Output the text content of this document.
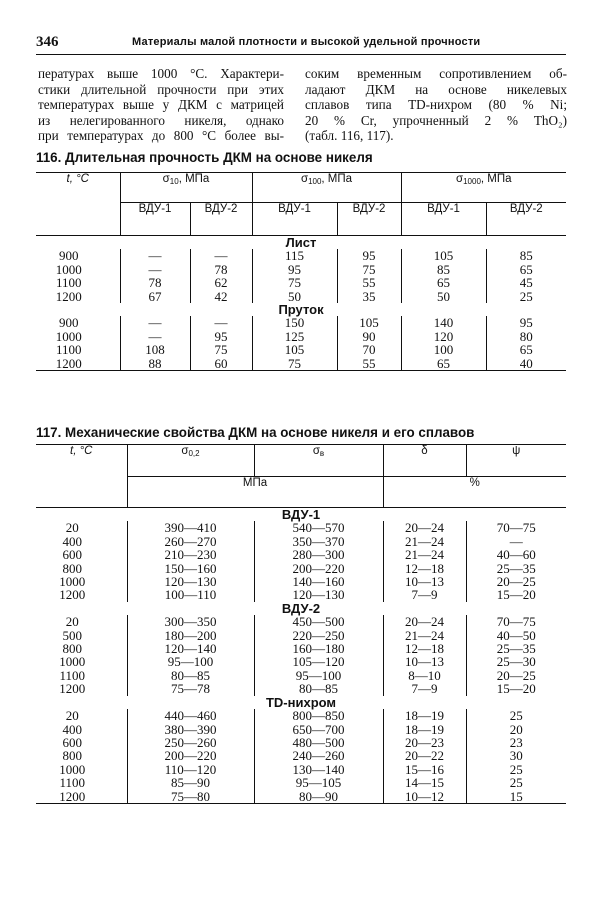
346	Материалы малой плотности и высокой удельной прочности
пературах выше 1000 °С. Характери-
стики длительной прочности при этих
температурах выше у ДКМ с матрицей
из нелегированного никеля, однако
при температурах до 800 °С более вы-
соким временным сопротивлением об-
ладают ДКМ на основе никелевых
сплавов типа TD-нихром (80 % Ni;
20 % Cr, упрочненный 2 % ThO₂)
(табл. 116, 117).
116. Длительная прочность ДКМ на основе никеля
t, °С	$\sigma_{10}$, МПа		$\sigma_{100}$, МПа		$\sigma_{1000}$, МПа	
	ВДУ-1	ВДУ-2	ВДУ-1	ВДУ-2	ВДУ-1	ВДУ-2
Лист						
900	—	—	115	95	105	85
1000	—	78	95	75	85	65
1100	78	62	75	55	65	45
1200	67	42	50	35	50	25
Пруток						
900	—	—	150	105	140	95
1000	—	95	125	90	120	80
1100	108	75	105	70	100	65
1200	88	60	75	55	65	40
117. Механические свойства ДКМ на основе никеля и его сплавов
t, °С	$\sigma_{0,2}$	$\sigma_в$	δ	ψ
	МПа		%	
ВДУ-1				
20	390—410	540—570	20—24	70—75
400	260—270	350—370	21—24	—
600	210—230	280—300	21—24	40—60
800	150—160	200—220	12—18	25—35
1000	120—130	140—160	10—13	20—25
1200	100—110	120—130	7—9	15—20
ВДУ-2				
20	300—350	450—500	20—24	70—75
500	180—200	220—250	21—24	40—50
800	120—140	160—180	12—18	25—35
1000	95—100	105—120	10—13	25—30
1100	80—85	95—100	8—10	20—25
1200	75—78	80—85	7—9	15—20
TD-нихром				
20	440—460	800—850	18—19	25
400	380—390	650—700	18—19	20
600	250—260	480—500	20—23	23
800	200—220	240—260	20—22	30
1000	110—120	130—140	15—16	25
1100	85—90	95—105	14—15	25
1200	75—80	80—90	10—12	15
